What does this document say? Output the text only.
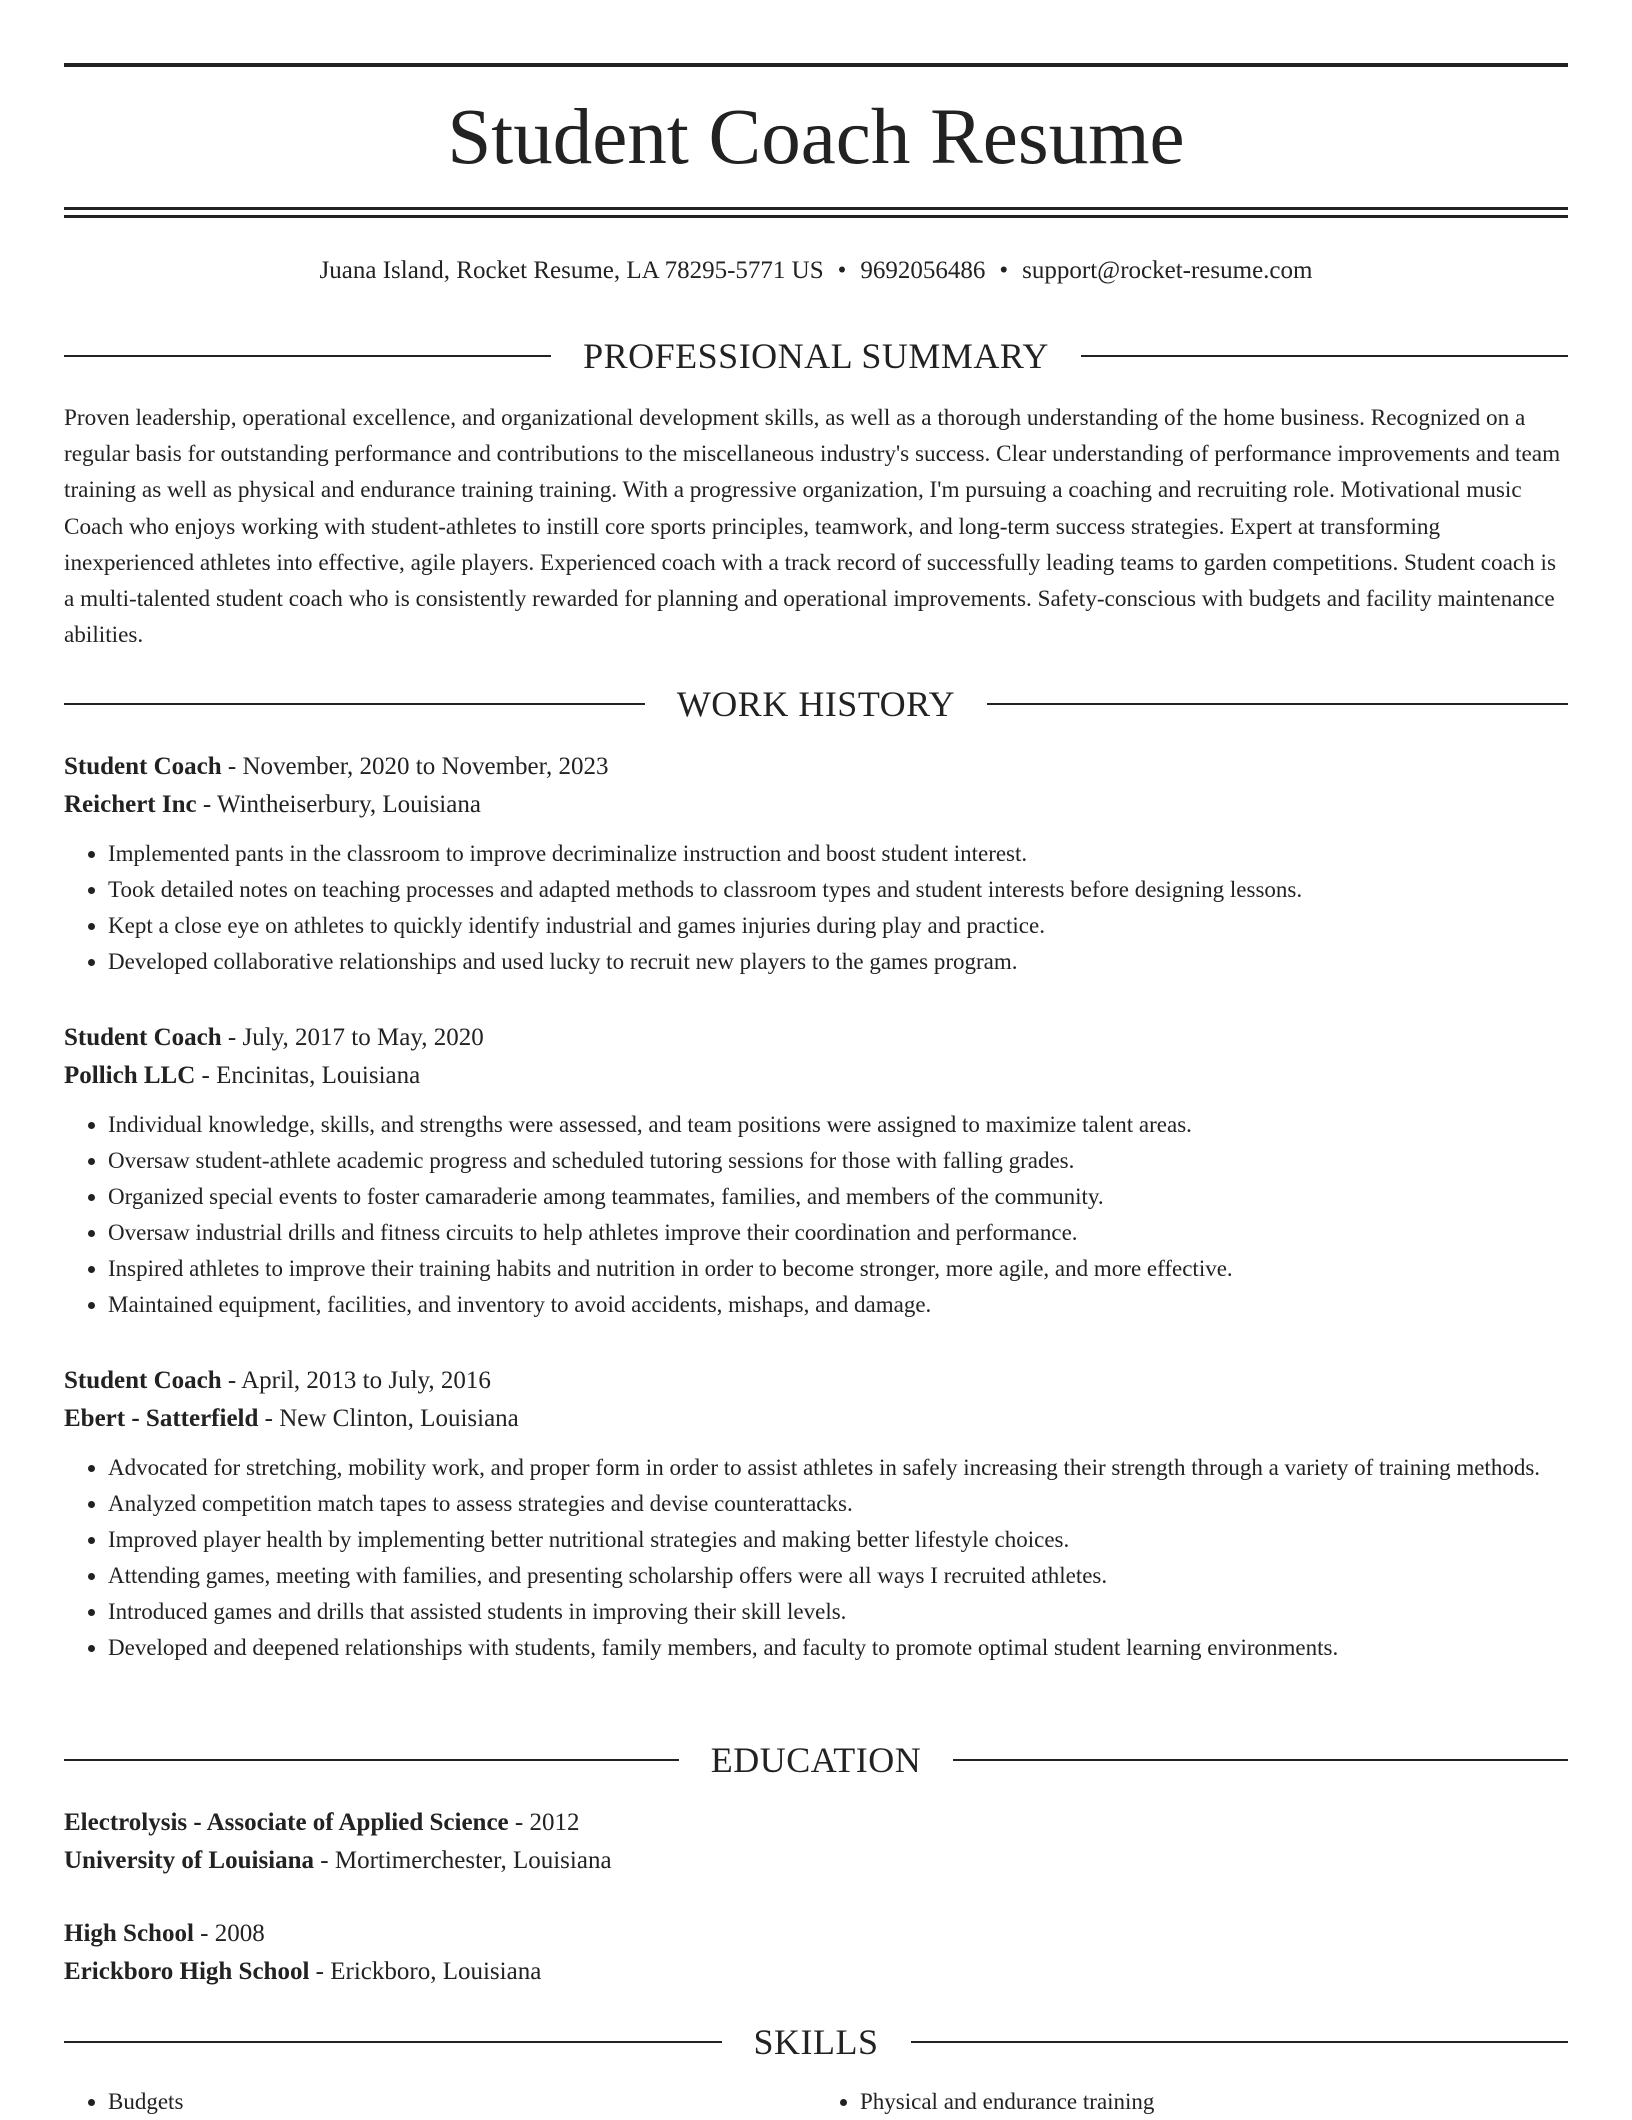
Student Coach Resume
Juana Island, Rocket Resume, LA 78295-5771 US • 9692056486 • support@rocket-resume.com
PROFESSIONAL SUMMARY

Proven leadership, operational excellence, and organizational development skills, as well as a thorough understanding of the home business. Recognized on a regular basis for outstanding performance and contributions to the miscellaneous industry's success. Clear understanding of performance improvements and team training as well as physical and endurance training training. With a progressive organization, I'm pursuing a coaching and recruiting role. Motivational music Coach who enjoys working with student-athletes to instill core sports principles, teamwork, and long-term success strategies. Expert at transforming inexperienced athletes into effective, agile players. Experienced coach with a track record of successfully leading teams to garden competitions. Student coach is a multi-talented student coach who is consistently rewarded for planning and operational improvements. Safety-conscious with budgets and facility maintenance abilities.

WORK HISTORY
Student Coach - November, 2020 to November, 2023
Reichert Inc - Wintheiserbury, Louisiana
• Implemented pants in the classroom to improve decriminalize instruction and boost student interest.
• Took detailed notes on teaching processes and adapted methods to classroom types and student interests before designing lessons.
• Kept a close eye on athletes to quickly identify industrial and games injuries during play and practice.
• Developed collaborative relationships and used lucky to recruit new players to the games program.
Student Coach - July, 2017 to May, 2020
Pollich LLC - Encinitas, Louisiana
• Individual knowledge, skills, and strengths were assessed, and team positions were assigned to maximize talent areas.
• Oversaw student-athlete academic progress and scheduled tutoring sessions for those with falling grades.
• Organized special events to foster camaraderie among teammates, families, and members of the community.
• Oversaw industrial drills and fitness circuits to help athletes improve their coordination and performance.
• Inspired athletes to improve their training habits and nutrition in order to become stronger, more agile, and more effective.
• Maintained equipment, facilities, and inventory to avoid accidents, mishaps, and damage.
Student Coach - April, 2013 to July, 2016
Ebert - Satterfield - New Clinton, Louisiana
• Advocated for stretching, mobility work, and proper form in order to assist athletes in safely increasing their strength through a variety of training methods.
• Analyzed competition match tapes to assess strategies and devise counterattacks.
• Improved player health by implementing better nutritional strategies and making better lifestyle choices.
• Attending games, meeting with families, and presenting scholarship offers were all ways I recruited athletes.
• Introduced games and drills that assisted students in improving their skill levels.
• Developed and deepened relationships with students, family members, and faculty to promote optimal student learning environments.
EDUCATION
Electrolysis - Associate of Applied Science - 2012
University of Louisiana - Mortimerchester, Louisiana
High School - 2008
Erickboro High School - Erickboro, Louisiana
SKILLS
• Budgets
•	Physical and endurance training
